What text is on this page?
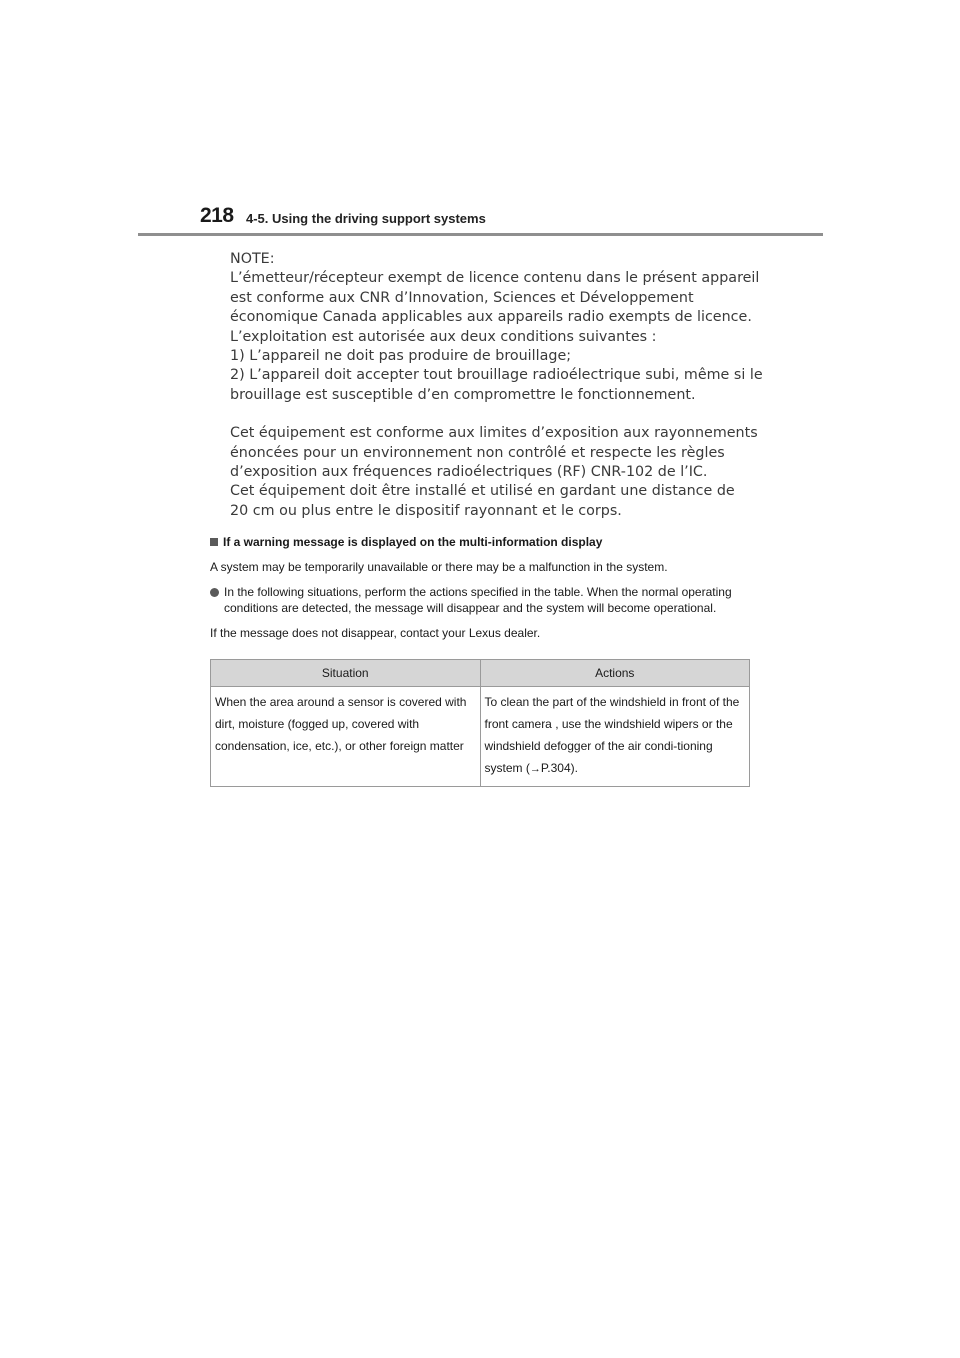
218 4-5. Using the driving support systems

NOTE:

L’émetteur/récepteur exempt de licence contenu dans le présent appareil

est conforme aux CNR d’Innovation, Sciences et Développement

économique Canada applicables aux appareils radio exempts de licence.

L’exploitation est autorisée aux deux conditions suivantes :

1) L’appareil ne doit pas produire de brouillage;

2) L’appareil doit accepter tout brouillage radioélectrique subi, même si le

brouillage est susceptible d’en compromettre le fonctionnement.

Cet équipement est conforme aux limites d’exposition aux rayonnements

énoncées pour un environnement non contrôlé et respecte les règles

d’exposition aux fréquences radioélectriques (RF) CNR-102 de l’IC.

Cet équipement doit être installé et utilisé en gardant une distance de

20 cm ou plus entre le dispositif rayonnant et le corps.

If a warning message is displayed on the multi-information display

A system may be temporarily unavailable or there may be a malfunction in the system.

In the following situations, perform the actions specified in the table. When the normal operating conditions are detected, the message will disappear and the system will become operational.

If the message does not disappear, contact your Lexus dealer.

Situation	Actions
When the area around a sensor is covered with dirt, moisture (fogged up, covered with condensation, ice, etc.), or other foreign matter	To clean the part of the windshield in front of the front camera , use the windshield wipers or the windshield defogger of the air condi-tioning system (→P.304).
